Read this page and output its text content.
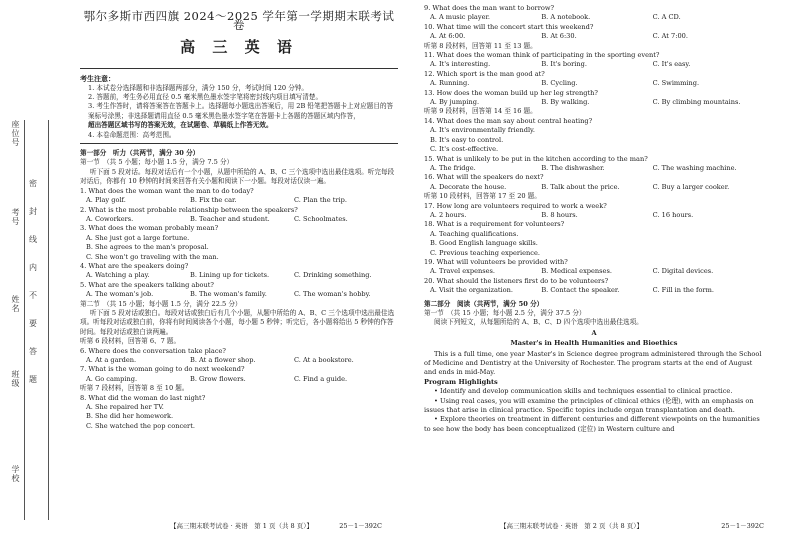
座位号
考号
姓名
班级
学校
密
封
线
内
不
要
答
题
鄂尔多斯市西四旗 2024～2025 学年第一学期期末联考试卷
高 三 英 语
考生注意：

1. 本试卷分选择题和非选择题两部分，满分 150 分，考试时间 120 分钟。

2. 答题前，考生务必用直径 0.5 毫米黑色墨水签字笔将密封线内项目填写清楚。

3. 考生作答时，请将答案答在答题卡上。选择题每小题选出答案后，用 2B 铅笔把答题卡上对应题目的答案标号涂黑；非选择题请用直径 0.5 毫米黑色墨水签字笔在答题卡上各题的答题区域内作答，

超出答题区域书写的答案无效，在试题卷、草稿纸上作答无效。

4. 本卷命题范围：高考范围。

第一部分　听力（共两节，满分 30 分）

第一节　（共 5 小题；每小题 1.5 分，满分 7.5 分）

听下面 5 段对话。每段对话后有一个小题，从题中所给的 A、B、C 三个选项中选出最佳选项。听完每段对话后，你都有 10 秒钟的时间来回答有关小题和阅读下一小题。每段对话仅读一遍。

1. What does the woman want the man to do today?

A. Play golf.	B. Fix the car.	C. Plan the trip.

2. What is the most probable relationship between the speakers?

A. Coworkers.	B. Teacher and student.	C. Schoolmates.

3. What does the woman probably mean?

A. She just got a large fortune.

B. She agrees to the man's proposal.

C. She won't go traveling with the man.

4. What are the speakers doing?

A. Watching a play.	B. Lining up for tickets.	C. Drinking something.

5. What are the speakers talking about?

A. The woman's job.	B. The woman's family.	C. The woman's hobby.

第二节　（共 15 小题；每小题 1.5 分，满分 22.5 分）

听下面 5 段对话或独白。每段对话或独白后有几个小题，从题中所给的 A、B、C 三个选项中选出最佳选项。听每段对话或独白前，你将有时间阅读各个小题，每小题 5 秒钟；听完后，各小题将给出 5 秒钟的作答时间。每段对话或独白读两遍。

听第 6 段材料，回答第 6、7 题。

6. Where does the conversation take place?

A. At a garden.	B. At a flower shop.	C. At a bookstore.

7. What is the woman going to do next weekend?

A. Go camping.	B. Grow flowers.	C. Find a guide.

听第 7 段材料，回答第 8 至 10 题。

8. What did the woman do last night?

A. She repaired her TV.

B. She did her homework.

C. She watched the pop concert.

【高三期末联考试卷 · 英语　第 1 页（共 8 页）】	25－1－392C

9. What does the man want to borrow?

A. A music player.	B. A notebook.	C. A CD.

10. What time will the concert start this weekend?

A. At 6:00.	B. At 6:30.	C. At 7:00.

听第 8 段材料，回答第 11 至 13 题。

11. What does the woman think of participating in the sporting event?

A. It's interesting.	B. It's boring.	C. It's easy.

12. Which sport is the man good at?

A. Running.	B. Cycling.	C. Swimming.

13. How does the woman build up her leg strength?

A. By jumping.	B. By walking.	C. By climbing mountains.

听第 9 段材料，回答第 14 至 16 题。

14. What does the man say about central heating?

A. It's environmentally friendly.

B. It's easy to control.

C. It's cost-effective.

15. What is unlikely to be put in the kitchen according to the man?

A. The fridge.	B. The dishwasher.	C. The washing machine.

16. What will the speakers do next?

A. Decorate the house.	B. Talk about the price.	C. Buy a larger cooker.

听第 10 段材料，回答第 17 至 20 题。

17. How long are volunteers required to work a week?

A. 2 hours.	B. 8 hours.	C. 16 hours.

18. What is a requirement for volunteers?

A. Teaching qualifications.

B. Good English language skills.

C. Previous teaching experience.

19. What will volunteers be provided with?

A. Travel expenses.	B. Medical expenses.	C. Digital devices.

20. What should the listeners first do to be volunteers?

A. Visit the organization.	B. Contact the speaker.	C. Fill in the form.
第二部分　阅读（共两节，满分 50 分）

第一节　（共 15 小题；每小题 2.5 分，满分 37.5 分）

阅读下列短文，从每题所给的 A、B、C、D 四个选项中选出最佳选项。

A
Master's in Health Humanities and Bioethics

This is a full time, one year Master's in Science degree program administered through the School of Medicine and Dentistry at the University of Rochester. The program starts at the end of August and ends in mid-May.

Program Highlights

• Identify and develop communication skills and techniques essential to clinical practice.

• Using real cases, you will examine the principles of clinical ethics (伦理), with an emphasis on issues that arise in clinical practice. Specific topics include organ transplantation and death.

• Explore theories on treatment in different centuries and different viewpoints on the humanities to see how the body has been conceptualized (定位) in Western culture and

【高三期末联考试卷 · 英语　第 2 页（共 8 页）】	25－1－392C
